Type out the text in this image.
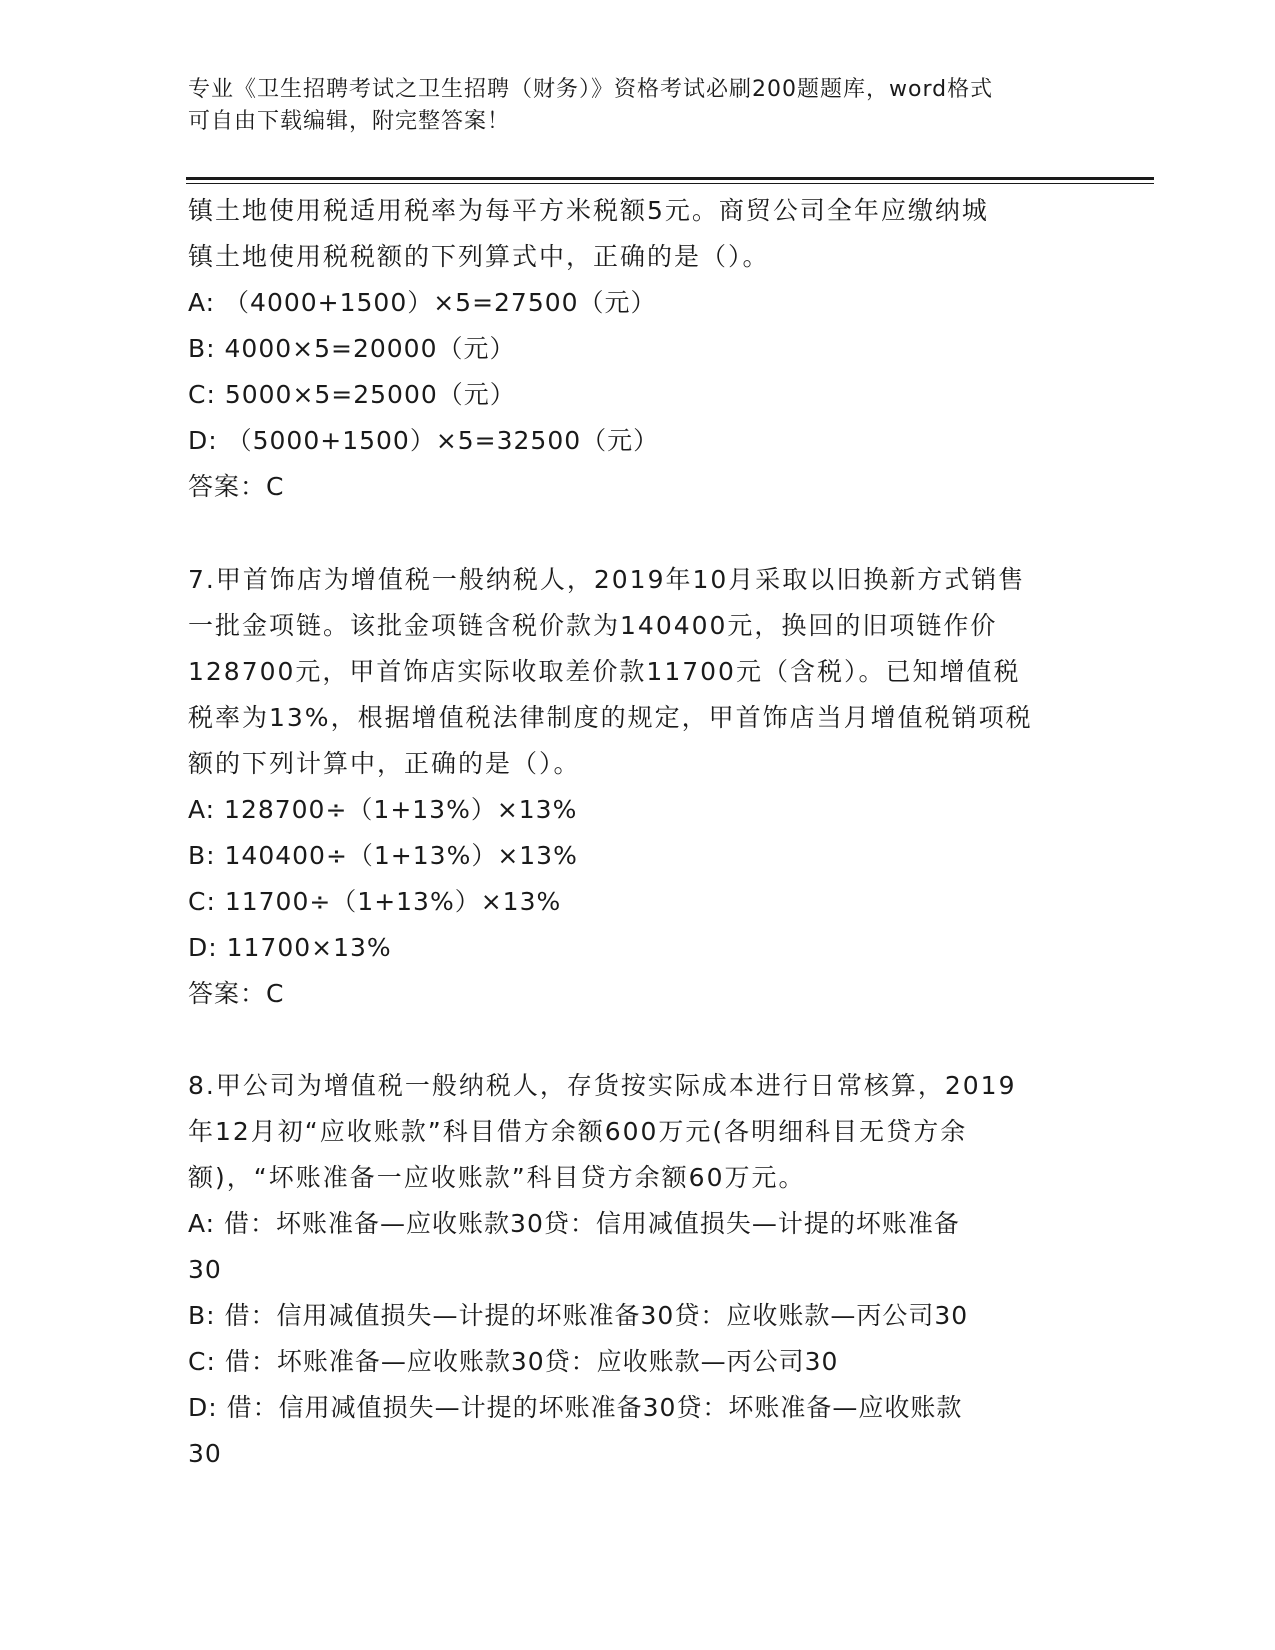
专业《卫生招聘考试之卫生招聘（财务）》资格考试必刷200题题库，word格式
可自由下载编辑，附完整答案！
镇土地使用税适用税率为每平方米税额5元。商贸公司全年应缴纳城
镇土地使用税税额的下列算式中，正确的是（）。
A: （4000+1500）×5=27500（元）
B: 4000×5=20000（元）
C: 5000×5=25000（元）
D: （5000+1500）×5=32500（元）
答案：C
7.甲首饰店为增值税一般纳税人，2019年10月采取以旧换新方式销售
一批金项链。该批金项链含税价款为140400元，换回的旧项链作价
128700元，甲首饰店实际收取差价款11700元（含税）。已知增值税
税率为13%，根据增值税法律制度的规定，甲首饰店当月增值税销项税
额的下列计算中，正确的是（）。
A: 128700÷（1+13%）×13%
B: 140400÷（1+13%）×13%
C: 11700÷（1+13%）×13%
D: 11700×13%
答案：C
8.甲公司为增值税一般纳税人，存货按实际成本进行日常核算，2019
年12月初“应收账款”科目借方余额600万元(各明细科目无贷方余
额)，“坏账准备一应收账款”科目贷方余额60万元。
A: 借：坏账准备—应收账款30贷：信用减值损失—计提的坏账准备
30
B: 借：信用减值损失—计提的坏账准备30贷：应收账款—丙公司30
C: 借：坏账准备—应收账款30贷：应收账款—丙公司30
D: 借：信用减值损失—计提的坏账准备30贷：坏账准备—应收账款
30
